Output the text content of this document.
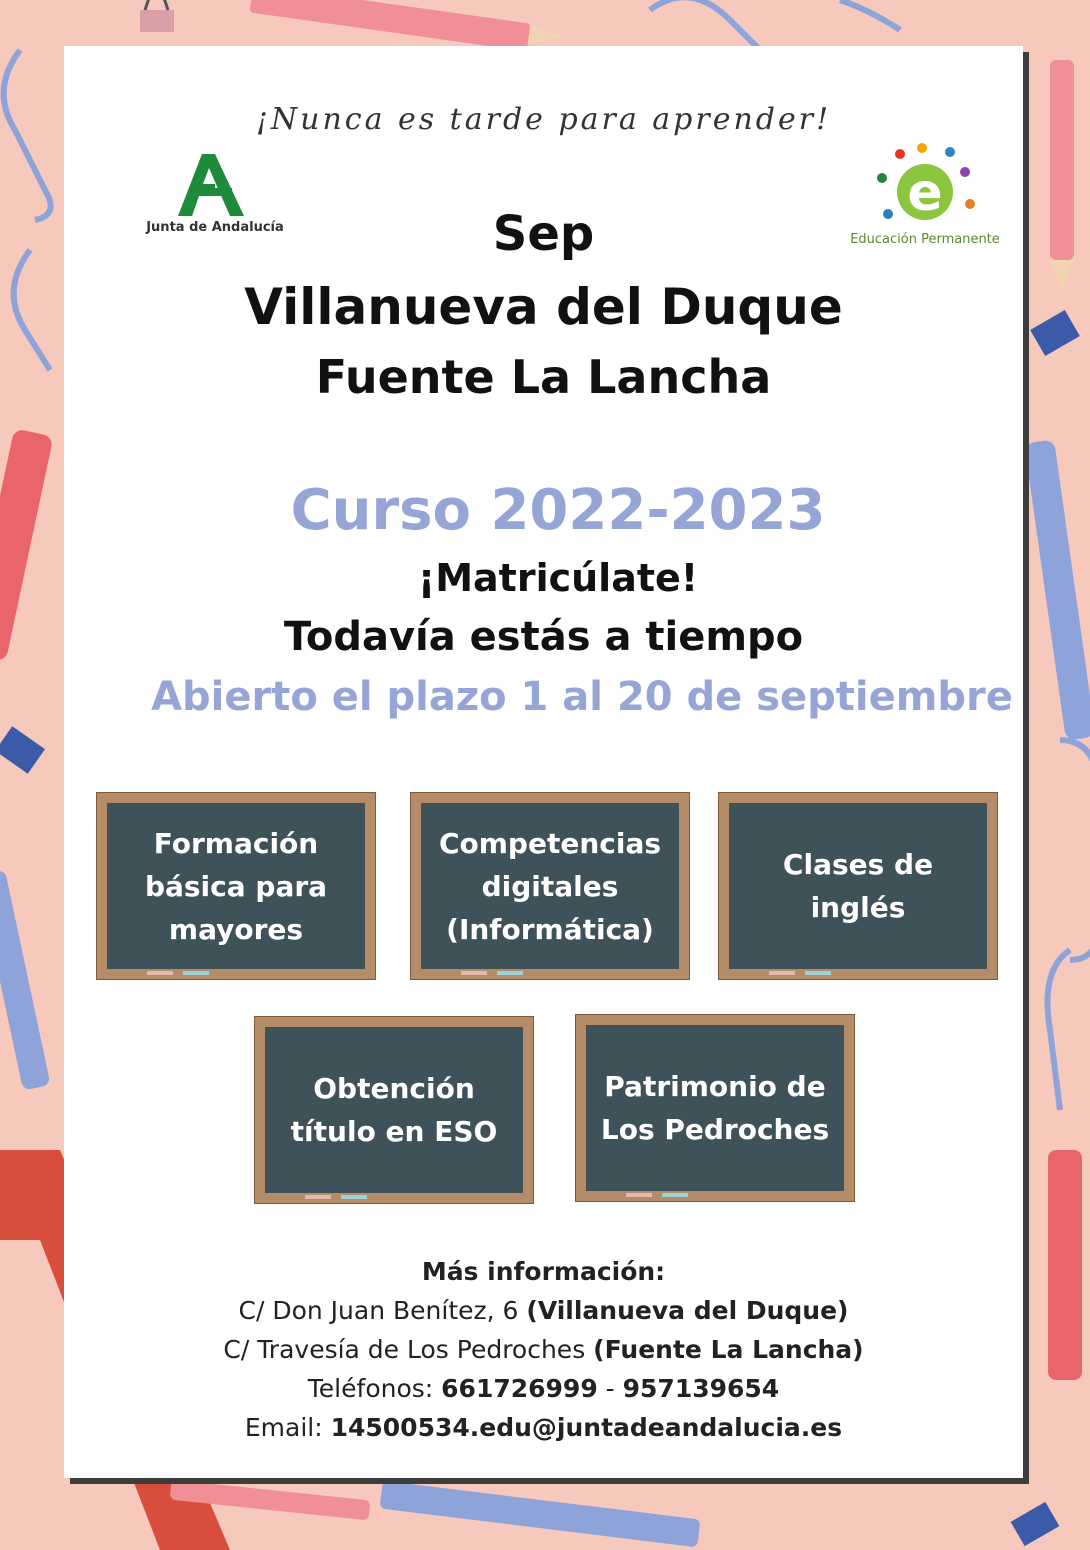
¡Nunca es tarde para aprender!

Junta de Andalucía
e
Educación Permanente

Sep

Villanueva del Duque

Fuente La Lancha

Curso 2022-2023

¡Matricúlate!

Todavía estás a tiempo

Abierto el plazo 1 al 20 de septiembre

Formación
básica para
mayores
Competencias
digitales
(Informática)
Clases de
inglés
Obtención
título en ESO
Patrimonio de
Los Pedroches
Más información:
C/ Don Juan Benítez, 6 (Villanueva del Duque)
C/ Travesía de Los Pedroches (Fuente La Lancha)
Teléfonos: 661726999 - 957139654
Email: 14500534.edu@juntadeandalucia.es
